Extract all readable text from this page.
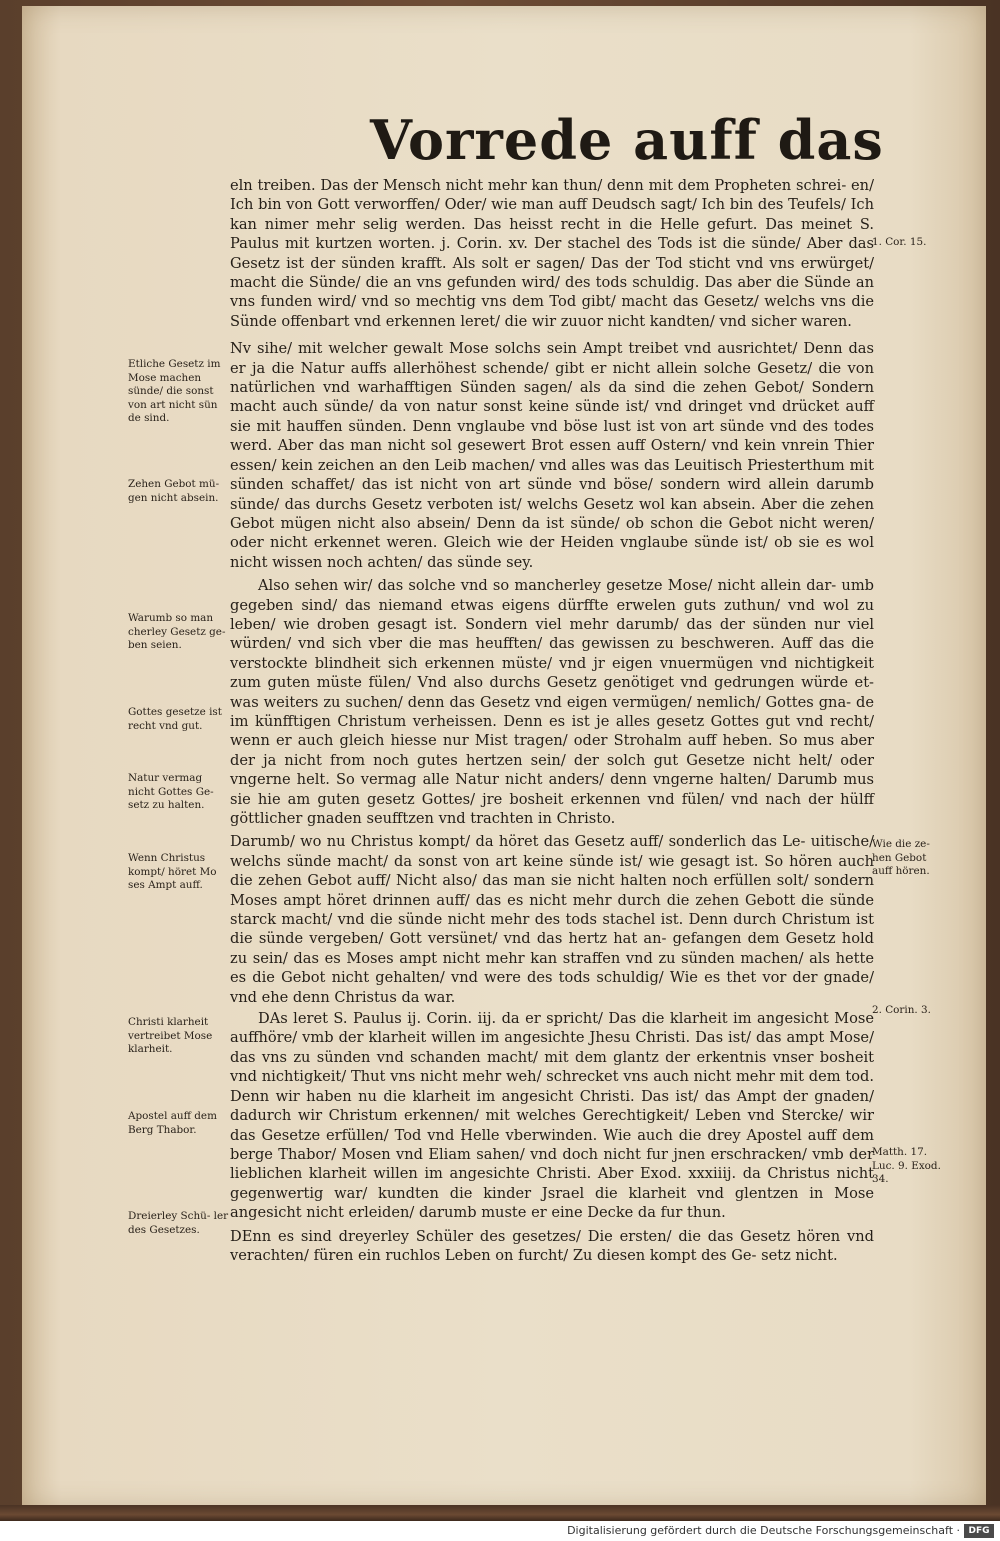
Vorrede auff das

eln treiben. Das der Mensch nicht mehr kan thun/ denn mit dem Propheten schrei- en/ Ich bin von Gott verworffen/ Oder/ wie man auff Deudsch sagt/ Ich bin des Teufels/ Ich kan nimer mehr selig werden. Das heisst recht in die Helle gefurt. Das meinet S. Paulus mit kurtzen worten. j. Corin. xv. Der stachel des Tods ist die sünde/ Aber das Gesetz ist der sünden krafft. Als solt er sagen/ Das der Tod sticht vnd vns erwürget/ macht die Sünde/ die an vns gefunden wird/ des tods schuldig. Das aber die Sünde an vns funden wird/ vnd so mechtig vns dem Tod gibt/ macht das Gesetz/ welchs vns die Sünde offenbart vnd erkennen leret/ die wir zuuor nicht kandten/ vnd sicher waren.

Nv sihe/ mit welcher gewalt Mose solchs sein Ampt treibet vnd ausrichtet/ Denn das er ja die Natur auffs allerhöhest schende/ gibt er nicht allein solche Gesetz/ die von natürlichen vnd warhafftigen Sünden sagen/ als da sind die zehen Gebot/ Sondern macht auch sünde/ da von natur sonst keine sünde ist/ vnd dringet vnd drücket auff sie mit hauffen sünden. Denn vnglaube vnd böse lust ist von art sünde vnd des todes werd. Aber das man nicht sol gesewert Brot essen auff Ostern/ vnd kein vnrein Thier essen/ kein zeichen an den Leib machen/ vnd alles was das Leuitisch Priesterthum mit sünden schaffet/ das ist nicht von art sünde vnd böse/ sondern wird allein darumb sünde/ das durchs Gesetz verboten ist/ welchs Gesetz wol kan absein. Aber die zehen Gebot mügen nicht also absein/ Denn da ist sünde/ ob schon die Gebot nicht weren/ oder nicht erkennet weren. Gleich wie der Heiden vnglaube sünde ist/ ob sie es wol nicht wissen noch achten/ das sünde sey.

Also sehen wir/ das solche vnd so mancherley gesetze Mose/ nicht allein dar- umb gegeben sind/ das niemand etwas eigens dürffte erwelen guts zuthun/ vnd wol zu leben/ wie droben gesagt ist. Sondern viel mehr darumb/ das der sünden nur viel würden/ vnd sich vber die mas heufften/ das gewissen zu beschweren. Auff das die verstockte blindheit sich erkennen müste/ vnd jr eigen vnuermügen vnd nichtigkeit zum guten müste fülen/ Vnd also durchs Gesetz genötiget vnd gedrungen würde et- was weiters zu suchen/ denn das Gesetz vnd eigen vermügen/ nemlich/ Gottes gna- de im künfftigen Christum verheissen. Denn es ist je alles gesetz Gottes gut vnd recht/ wenn er auch gleich hiesse nur Mist tragen/ oder Strohalm auff heben. So mus aber der ja nicht from noch gutes hertzen sein/ der solch gut Gesetze nicht helt/ oder vngerne helt. So vermag alle Natur nicht anders/ denn vngerne halten/ Darumb mus sie hie am guten gesetz Gottes/ jre bosheit erkennen vnd fülen/ vnd nach der hülff göttlicher gnaden seufftzen vnd trachten in Christo.

Darumb/ wo nu Christus kompt/ da höret das Gesetz auff/ sonderlich das Le- uitische/ welchs sünde macht/ da sonst von art keine sünde ist/ wie gesagt ist. So hören auch die zehen Gebot auff/ Nicht also/ das man sie nicht halten noch erfüllen solt/ sondern Moses ampt höret drinnen auff/ das es nicht mehr durch die zehen Gebott die sünde starck macht/ vnd die sünde nicht mehr des tods stachel ist. Denn durch Christum ist die sünde vergeben/ Gott versünet/ vnd das hertz hat an- gefangen dem Gesetz hold zu sein/ das es Moses ampt nicht mehr kan straffen vnd zu sünden machen/ als hette es die Gebot nicht gehalten/ vnd were des tods schuldig/ Wie es thet vor der gnade/ vnd ehe denn Christus da war.

DAs leret S. Paulus ij. Corin. iij. da er spricht/ Das die klarheit im angesicht Mose auffhöre/ vmb der klarheit willen im angesichte Jhesu Christi. Das ist/ das ampt Mose/ das vns zu sünden vnd schanden macht/ mit dem glantz der erkentnis vnser bosheit vnd nichtigkeit/ Thut vns nicht mehr weh/ schrecket vns auch nicht mehr mit dem tod. Denn wir haben nu die klarheit im angesicht Christi. Das ist/ das Ampt der gnaden/ dadurch wir Christum erkennen/ mit welches Gerechtigkeit/ Leben vnd Stercke/ wir das Gesetze erfüllen/ Tod vnd Helle vberwinden. Wie auch die drey Apostel auff dem berge Thabor/ Mosen vnd Eliam sahen/ vnd doch nicht fur jnen erschracken/ vmb der lieblichen klarheit willen im angesichte Christi. Aber Exod. xxxiiij. da Christus nicht gegenwertig war/ kundten die kinder Jsrael die klarheit vnd glentzen in Mose angesicht nicht erleiden/ darumb muste er eine Decke da fur thun.

DEnn es sind dreyerley Schüler des gesetzes/ Die ersten/ die das Gesetz hören vnd verachten/ füren ein ruchlos Leben on furcht/ Zu diesen kompt des Ge- setz nicht.

Etliche Gesetz im Mose machen sünde/ die sonst von art nicht sün de sind.
Zehen Gebot mü- gen nicht absein.
Warumb so man cherley Gesetz ge- ben seien.
Gottes gesetze ist recht vnd gut.
Natur vermag nicht Gottes Ge- setz zu halten.
Wenn Christus kompt/ höret Mo ses Ampt auff.
Christi klarheit vertreibet Mose klarheit.
Apostel auff dem Berg Thabor.
Dreierley Schü- ler des Gesetzes.
1. Cor. 15.
Wie die ze- hen Gebot auff hören.
2. Corin. 3.
Matth. 17. Luc. 9. Exod. 34.
Digitalisierung gefördert durch die Deutsche Forschungsgemeinschaft · DFG
